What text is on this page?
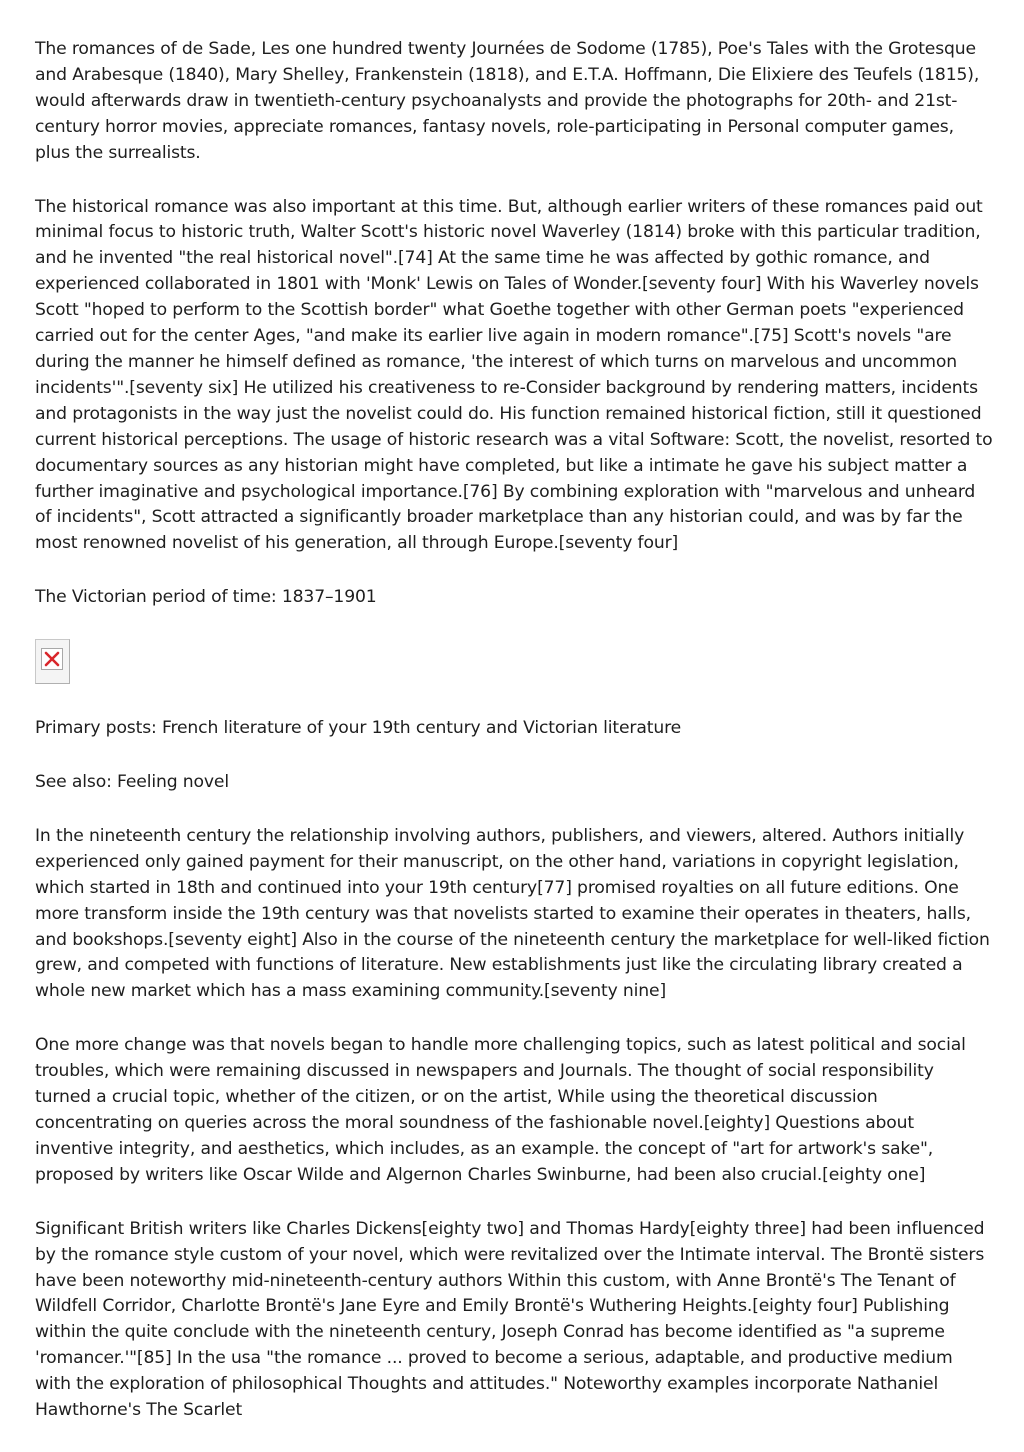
The romances of de Sade, Les one hundred twenty Journées de Sodome (1785), Poe's Tales with the Grotesque and Arabesque (1840), Mary Shelley, Frankenstein (1818), and E.T.A. Hoffmann, Die Elixiere des Teufels (1815), would afterwards draw in twentieth-century psychoanalysts and provide the photographs for 20th- and 21st-century horror movies, appreciate romances, fantasy novels, role-participating in Personal computer games, plus the surrealists.

The historical romance was also important at this time. But, although earlier writers of these romances paid out minimal focus to historic truth, Walter Scott's historic novel Waverley (1814) broke with this particular tradition, and he invented "the real historical novel".[74] At the same time he was affected by gothic romance, and experienced collaborated in 1801 with 'Monk' Lewis on Tales of Wonder.[seventy four] With his Waverley novels Scott "hoped to perform to the Scottish border" what Goethe together with other German poets "experienced carried out for the center Ages, "and make its earlier live again in modern romance".[75] Scott's novels "are during the manner he himself defined as romance, 'the interest of which turns on marvelous and uncommon incidents'".[seventy six] He utilized his creativeness to re-Consider background by rendering matters, incidents and protagonists in the way just the novelist could do. His function remained historical fiction, still it questioned current historical perceptions. The usage of historic research was a vital Software: Scott, the novelist, resorted to documentary sources as any historian might have completed, but like a intimate he gave his subject matter a further imaginative and psychological importance.[76] By combining exploration with "marvelous and unheard of incidents", Scott attracted a significantly broader marketplace than any historian could, and was by far the most renowned novelist of his generation, all through Europe.[seventy four]

The Victorian period of time: 1837–1901

Primary posts: French literature of your 19th century and Victorian literature

See also: Feeling novel

In the nineteenth century the relationship involving authors, publishers, and viewers, altered. Authors initially experienced only gained payment for their manuscript, on the other hand, variations in copyright legislation, which started in 18th and continued into your 19th century[77] promised royalties on all future editions. One more transform inside the 19th century was that novelists started to examine their operates in theaters, halls, and bookshops.[seventy eight] Also in the course of the nineteenth century the marketplace for well-liked fiction grew, and competed with functions of literature. New establishments just like the circulating library created a whole new market which has a mass examining community.[seventy nine]

One more change was that novels began to handle more challenging topics, such as latest political and social troubles, which were remaining discussed in newspapers and Journals. The thought of social responsibility turned a crucial topic, whether of the citizen, or on the artist, While using the theoretical discussion concentrating on queries across the moral soundness of the fashionable novel.[eighty] Questions about inventive integrity, and aesthetics, which includes, as an example. the concept of "art for artwork's sake", proposed by writers like Oscar Wilde and Algernon Charles Swinburne, had been also crucial.[eighty one]

Significant British writers like Charles Dickens[eighty two] and Thomas Hardy[eighty three] had been influenced by the romance style custom of your novel, which were revitalized over the Intimate interval. The Brontë sisters have been noteworthy mid-nineteenth-century authors Within this custom, with Anne Brontë's The Tenant of Wildfell Corridor, Charlotte Brontë's Jane Eyre and Emily Brontë's Wuthering Heights.[eighty four] Publishing within the quite conclude with the nineteenth century, Joseph Conrad has become identified as "a supreme 'romancer.'"[85] In the usa "the romance ... proved to become a serious, adaptable, and productive medium with the exploration of philosophical Thoughts and attitudes." Noteworthy examples incorporate Nathaniel Hawthorne's The Scarlet
